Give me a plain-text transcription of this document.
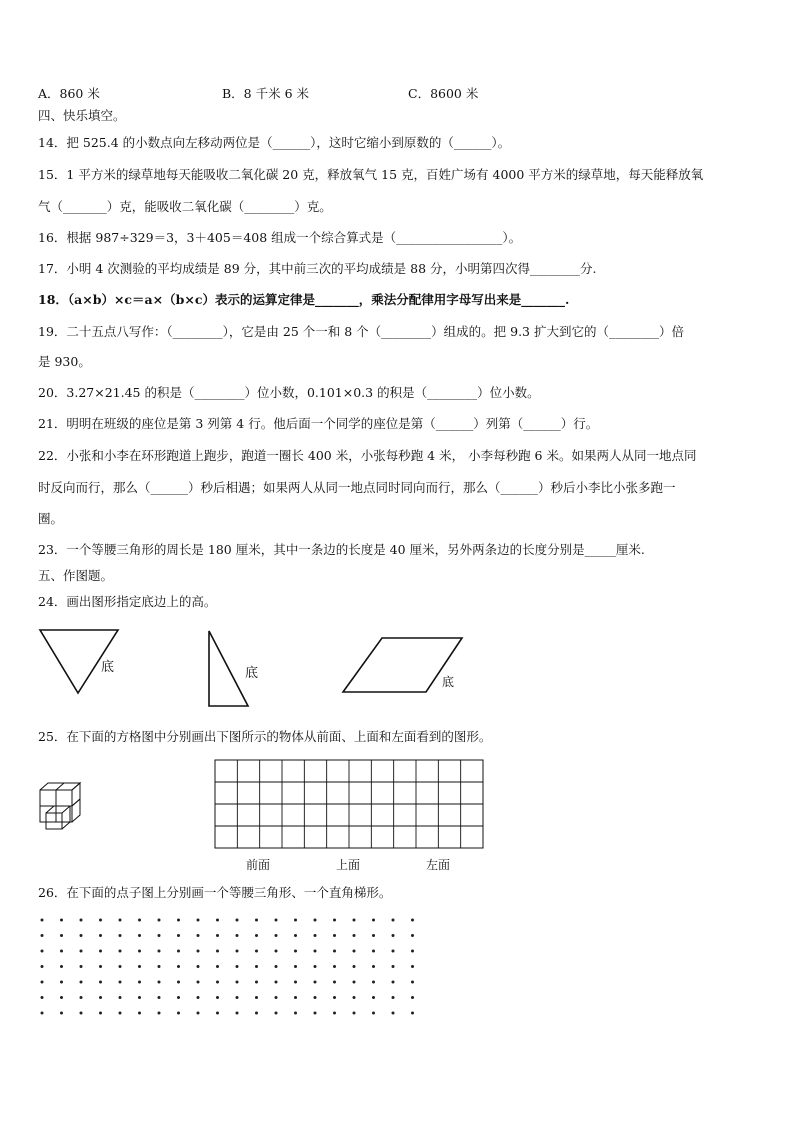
A．860 米	B．8 千米 6 米	C．8600 米
四、快乐填空。
14．把 525.4 的小数点向左移动两位是（______），这时它缩小到原数的（______）。
15．1 平方米的绿草地每天能吸收二氧化碳 20 克，释放氧气 15 克，百姓广场有 4000 平方米的绿草地，每天能释放氧
气（_______）克，能吸收二氧化碳（________）克。
16．根据 987÷329＝3，3＋405＝408 组成一个综合算式是（_________________）。
17．小明 4 次测验的平均成绩是 89 分，其中前三次的平均成绩是 88 分，小明第四次得________分.
18．（a×b）×c＝a×（b×c）表示的运算定律是_______，乘法分配律用字母写出来是_______.
19．二十五点八写作：（________），它是由 25 个一和 8 个（________）组成的。把 9.3 扩大到它的（________）倍
是 930。
20．3.27×21.45 的积是（________）位小数，0.101×0.3 的积是（________）位小数。
21．明明在班级的座位是第 3 列第 4 行。他后面一个同学的座位是第（______）列第（______）行。
22．小张和小李在环形跑道上跑步，跑道一圈长 400 米，小张每秒跑 4 米， 小李每秒跑 6 米。如果两人从同一地点同
时反向而行，那么（______）秒后相遇；如果两人从同一地点同时同向而行，那么（______）秒后小李比小张多跑一
圈。
23．一个等腰三角形的周长是 180 厘米，其中一条边的长度是 40 厘米，另外两条边的长度分别是_____厘米.
五、作图题。
24．画出图形指定底边上的高。
底	底
底
25．在下面的方格图中分别画出下图所示的物体从前面、上面和左面看到的图形。
前面	上面	左面
26．在下面的点子图上分别画一个等腰三角形、一个直角梯形。
